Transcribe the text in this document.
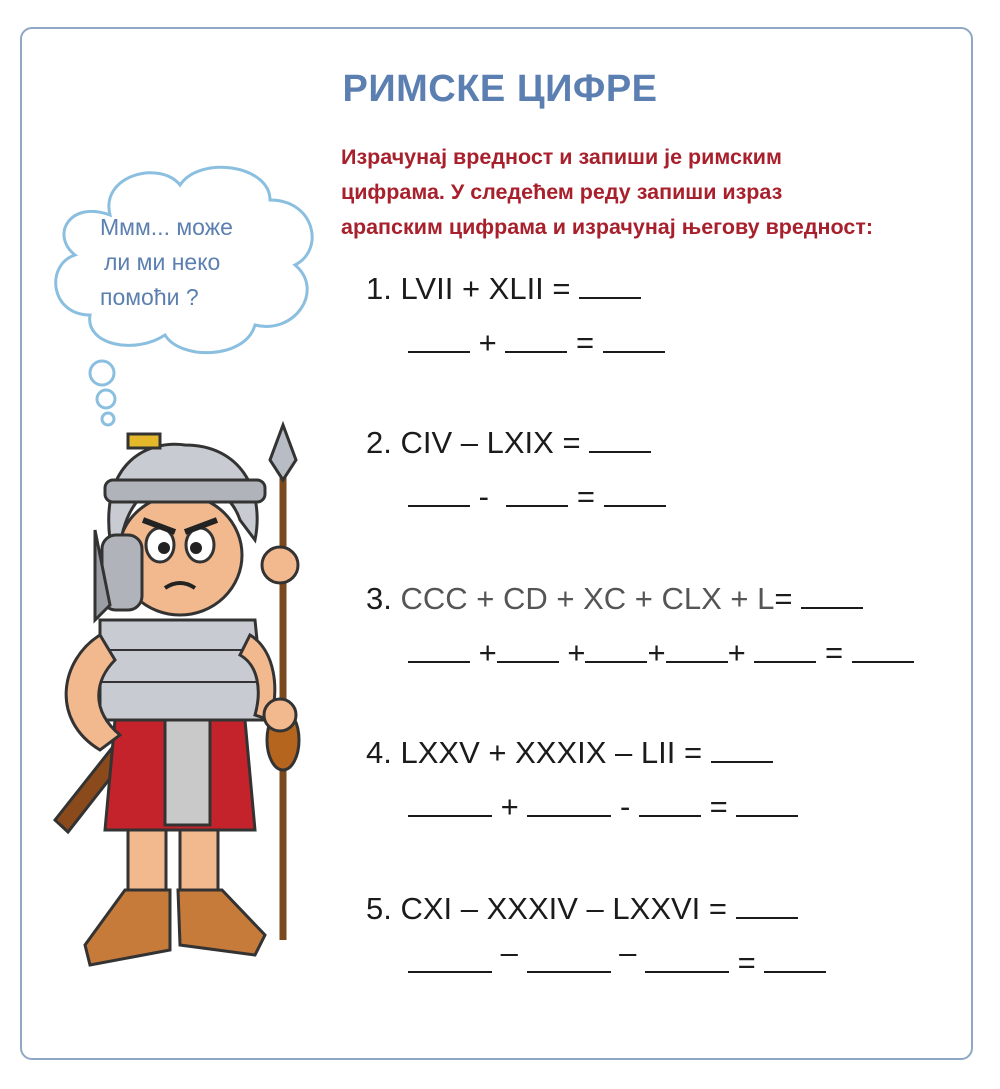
РИМСКЕ ЦИФРЕ
Израчунај вредност и запиши је римским
цифрама. У следећем реду запиши израз
арапским цифрама и израчунај његову вредност:
Ммм... може
ли ми неко
помоћи ?	1. LVII + XLII =
+	=
2. CIV – LXIX =
-	=
3. CCC + CD + XC + CLX + L=
+ + + +	=
4. LXXV + XXXIX – LII =
+	-	=
5. CXI – XXXIV – LXXVI =
–	–	=
